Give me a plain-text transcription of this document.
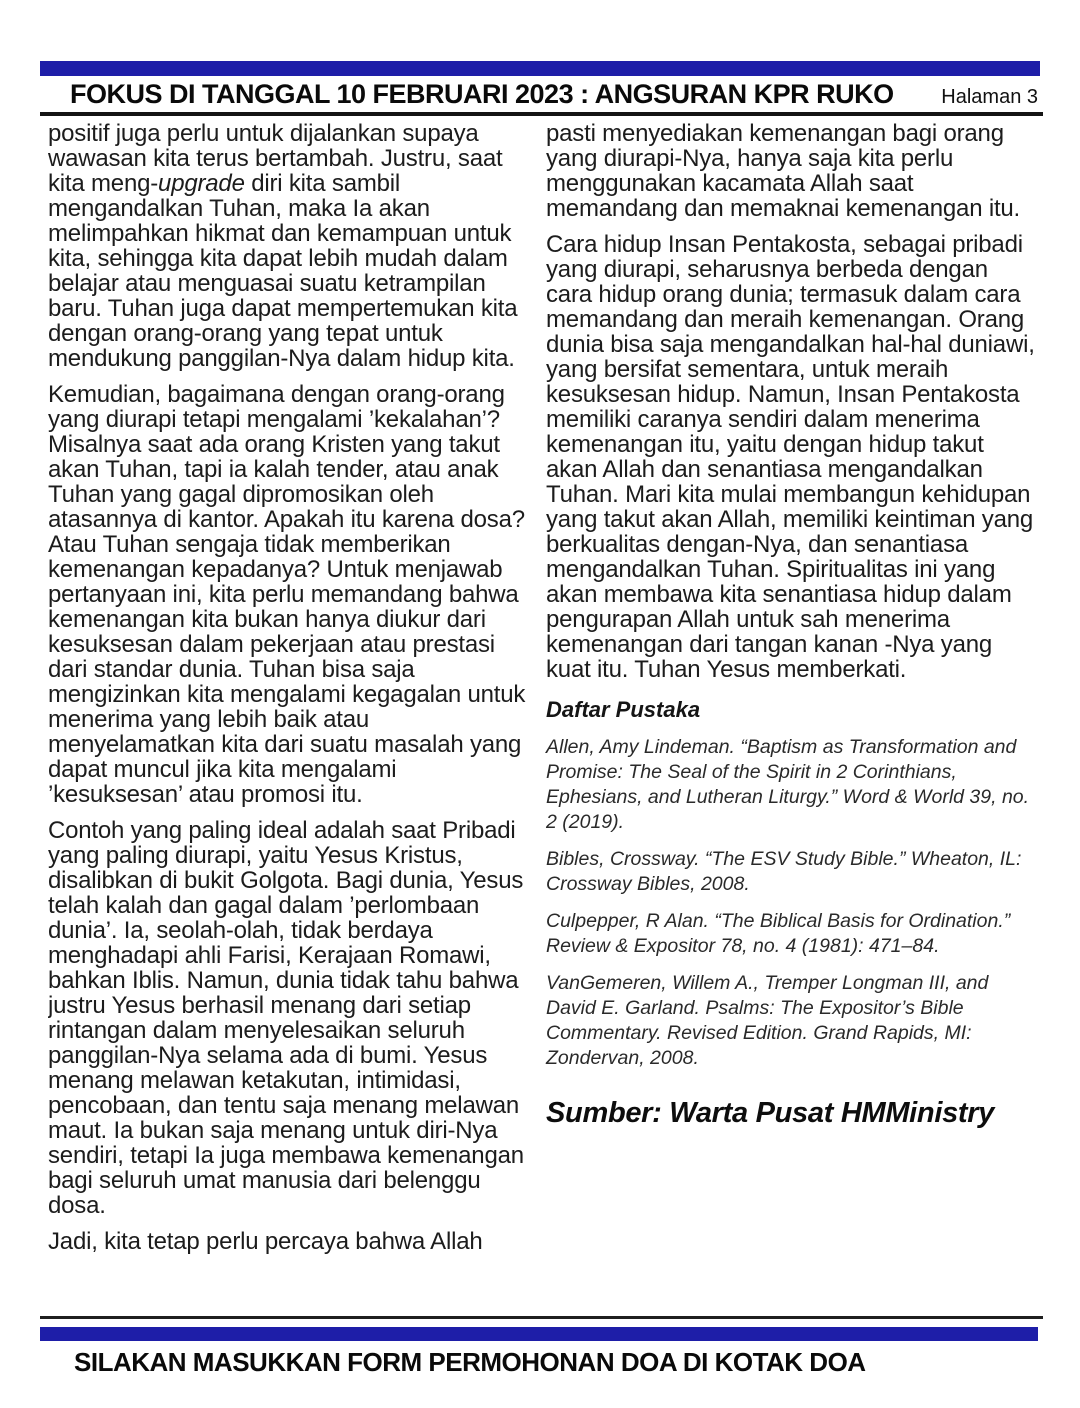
FOKUS DI TANGGAL 10 FEBRUARI 2023 : ANGSURAN KPR RUKO Halaman 3

positif juga perlu untuk dijalankan supaya wawasan kita terus bertambah. Justru, saat kita meng-upgrade diri kita sambil mengandalkan Tuhan, maka Ia akan melimpahkan hikmat dan kemampuan untuk kita, sehingga kita dapat lebih mudah dalam belajar atau menguasai suatu ketrampilan baru. Tuhan juga dapat mempertemukan kita dengan orang-orang yang tepat untuk mendukung panggilan-Nya dalam hidup kita.

Kemudian, bagaimana dengan orang-orang yang diurapi tetapi mengalami ’kekalahan’? Misalnya saat ada orang Kristen yang takut akan Tuhan, tapi ia kalah tender, atau anak Tuhan yang gagal dipromosikan oleh atasannya di kantor. Apakah itu karena dosa? Atau Tuhan sengaja tidak memberikan kemenangan kepadanya? Untuk menjawab pertanyaan ini, kita perlu memandang bahwa kemenangan kita bukan hanya diukur dari kesuksesan dalam pekerjaan atau prestasi dari standar dunia. Tuhan bisa saja mengizinkan kita mengalami kegagalan untuk menerima yang lebih baik atau menyelamatkan kita dari suatu masalah yang dapat muncul jika kita mengalami ’kesuksesan’ atau promosi itu.

Contoh yang paling ideal adalah saat Pribadi yang paling diurapi, yaitu Yesus Kristus, disalibkan di bukit Golgota. Bagi dunia, Yesus telah kalah dan gagal dalam ’perlombaan dunia’. Ia, seolah-olah, tidak berdaya menghadapi ahli Farisi, Kerajaan Romawi, bahkan Iblis. Namun, dunia tidak tahu bahwa justru Yesus berhasil menang dari setiap rintangan dalam menyelesaikan seluruh panggilan-Nya selama ada di bumi. Yesus menang melawan ketakutan, intimidasi, pencobaan, dan tentu saja menang melawan maut. Ia bukan saja menang untuk diri-Nya sendiri, tetapi Ia juga membawa kemenangan bagi seluruh umat manusia dari belenggu dosa.

Jadi, kita tetap perlu percaya bahwa Allah

pasti menyediakan kemenangan bagi orang yang diurapi-Nya, hanya saja kita perlu menggunakan kacamata Allah saat memandang dan memaknai kemenangan itu.

Cara hidup Insan Pentakosta, sebagai pribadi yang diurapi, seharusnya berbeda dengan cara hidup orang dunia; termasuk dalam cara memandang dan meraih kemenangan. Orang dunia bisa saja mengandalkan hal-hal duniawi, yang bersifat sementara, untuk meraih kesuksesan hidup. Namun, Insan Pentakosta memiliki caranya sendiri dalam menerima kemenangan itu, yaitu dengan hidup takut akan Allah dan senantiasa mengandalkan Tuhan. Mari kita mulai membangun kehidupan yang takut akan Allah, memiliki keintiman yang berkualitas dengan-Nya, dan senantiasa mengandalkan Tuhan. Spiritualitas ini yang akan membawa kita senantiasa hidup dalam pengurapan Allah untuk sah menerima kemenangan dari tangan kanan -Nya yang kuat itu. Tuhan Yesus memberkati.

Daftar Pustaka

Allen, Amy Lindeman. “Baptism as Transformation and Promise: The Seal of the Spirit in 2 Corinthians, Ephesians, and Lutheran Liturgy.” Word & World 39, no. 2 (2019).

Bibles, Crossway. “The ESV Study Bible.” Wheaton, IL: Crossway Bibles, 2008.

Culpepper, R Alan. “The Biblical Basis for Ordination.” Review & Expositor 78, no. 4 (1981): 471–84.

VanGemeren, Willem A., Tremper Longman III, and David E. Garland. Psalms: The Expositor’s Bible Commentary. Revised Edition. Grand Rapids, MI: Zondervan, 2008.

Sumber: Warta Pusat HMMinistry

SILAKAN MASUKKAN FORM PERMOHONAN DOA DI KOTAK DOA
